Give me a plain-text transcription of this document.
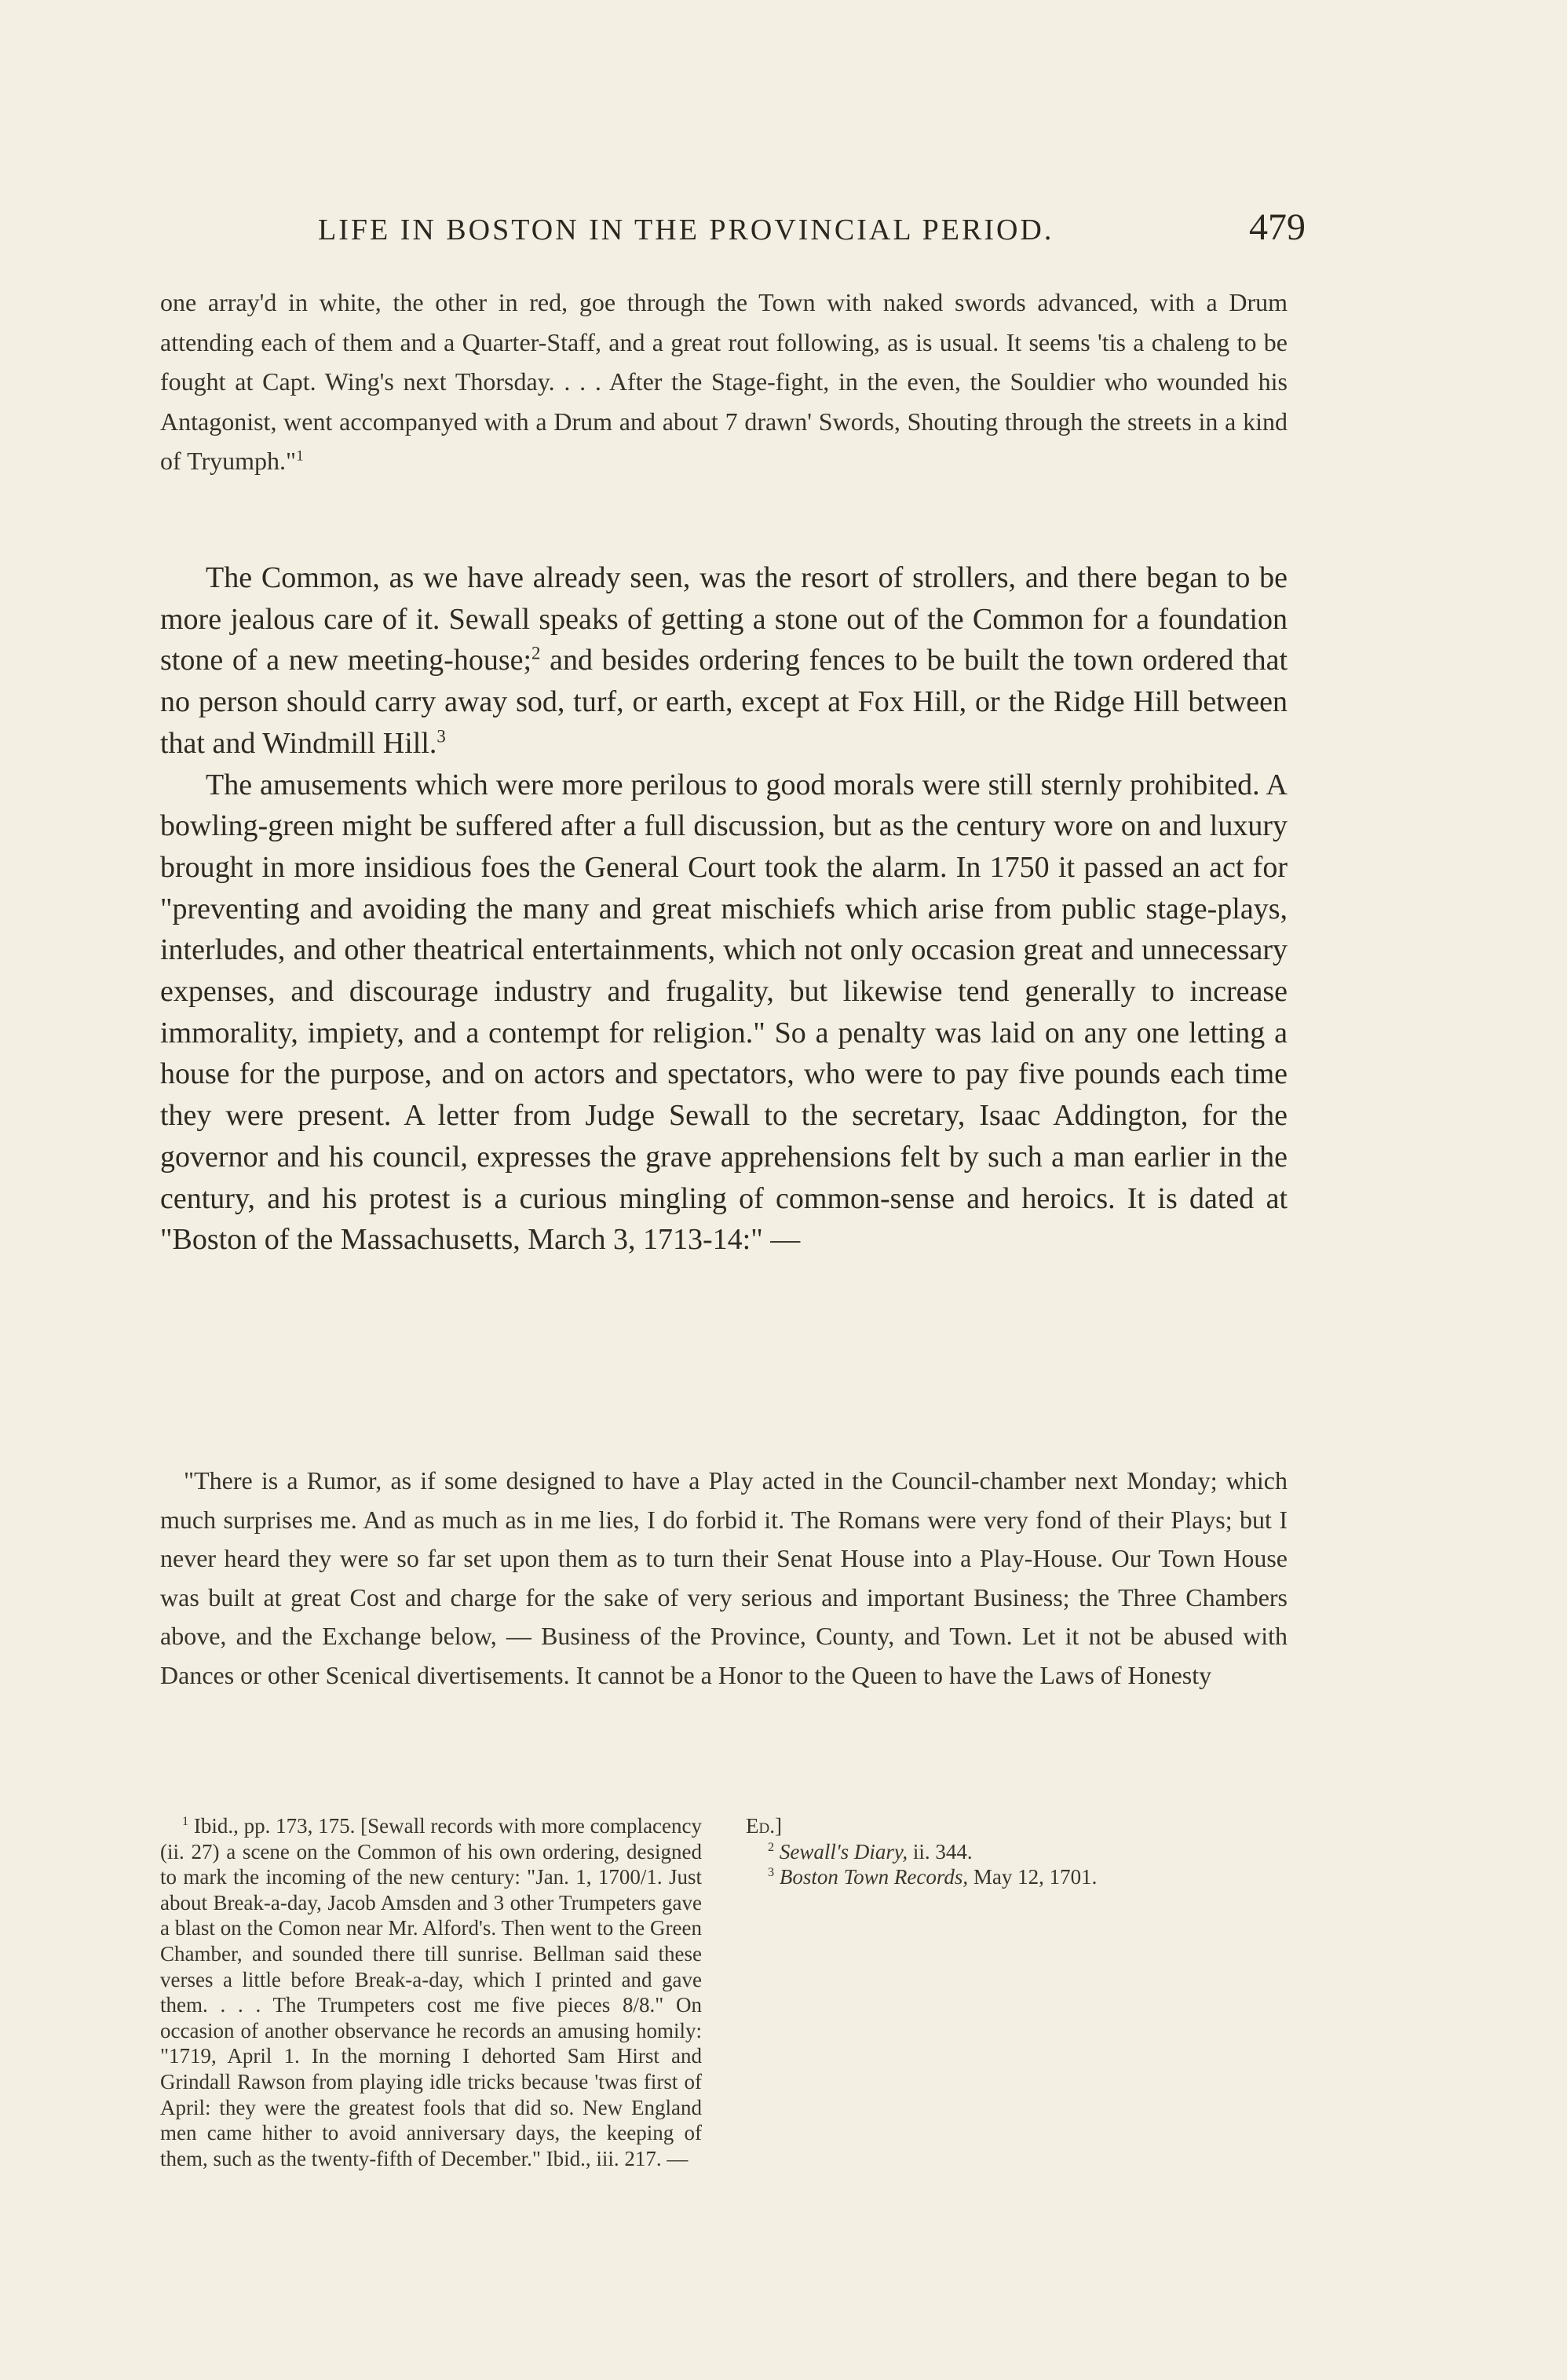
LIFE IN BOSTON IN THE PROVINCIAL PERIOD.	479

one array'd in white, the other in red, goe through the Town with naked swords advanced, with a Drum attending each of them and a Quarter-Staff, and a great rout following, as is usual. It seems 'tis a chaleng to be fought at Capt. Wing's next Thorsday. . . . After the Stage-fight, in the even, the Souldier who wounded his Antagonist, went accompanyed with a Drum and about 7 drawn' Swords, Shouting through the streets in a kind of Tryumph."$^1$

The Common, as we have already seen, was the resort of strollers, and there began to be more jealous care of it. Sewall speaks of getting a stone out of the Common for a foundation stone of a new meeting-house;$^2$ and besides ordering fences to be built the town ordered that no person should carry away sod, turf, or earth, except at Fox Hill, or the Ridge Hill between that and Windmill Hill.$^3$

The amusements which were more perilous to good morals were still sternly prohibited. A bowling-green might be suffered after a full discussion, but as the century wore on and luxury brought in more insidious foes the General Court took the alarm. In 1750 it passed an act for "preventing and avoiding the many and great mischiefs which arise from public stage-plays, interludes, and other theatrical entertainments, which not only occasion great and unnecessary expenses, and discourage industry and frugality, but likewise tend generally to increase immorality, impiety, and a contempt for religion." So a penalty was laid on any one letting a house for the purpose, and on actors and spectators, who were to pay five pounds each time they were present. A letter from Judge Sewall to the secretary, Isaac Addington, for the governor and his council, expresses the grave apprehensions felt by such a man earlier in the century, and his protest is a curious mingling of common-sense and heroics. It is dated at "Boston of the Massachusetts, March 3, 1713-14:" —

"There is a Rumor, as if some designed to have a Play acted in the Council-chamber next Monday; which much surprises me. And as much as in me lies, I do forbid it. The Romans were very fond of their Plays; but I never heard they were so far set upon them as to turn their Senat House into a Play-House. Our Town House was built at great Cost and charge for the sake of very serious and important Business; the Three Chambers above, and the Exchange below, — Business of the Province, County, and Town. Let it not be abused with Dances or other Scenical divertisements. It cannot be a Honor to the Queen to have the Laws of Honesty

$^1$ Ibid., pp. 173, 175. [Sewall records with more complacency (ii. 27) a scene on the Common of his own ordering, designed to mark the incoming of the new century: "Jan. 1, 1700/1. Just about Break-a-day, Jacob Amsden and 3 other Trumpeters gave a blast on the Comon near Mr. Alford's. Then went to the Green Chamber, and sounded there till sunrise. Bellman said these verses a little before Break-a-day, which I printed and gave them. . . . The Trumpeters cost me five pieces 8/8." On occasion of another observance he records an amusing homily: "1719, April 1. In the morning I dehorted Sam Hirst and Grindall Rawson from playing idle tricks because 'twas first of April: they were the greatest fools that did so. New England men came hither to avoid anniversary days, the keeping of them, such as the twenty-fifth of December." Ibid., iii. 217. —

Ed.]

$^2$ Sewall's Diary, ii. 344.

$^3$ Boston Town Records, May 12, 1701.
